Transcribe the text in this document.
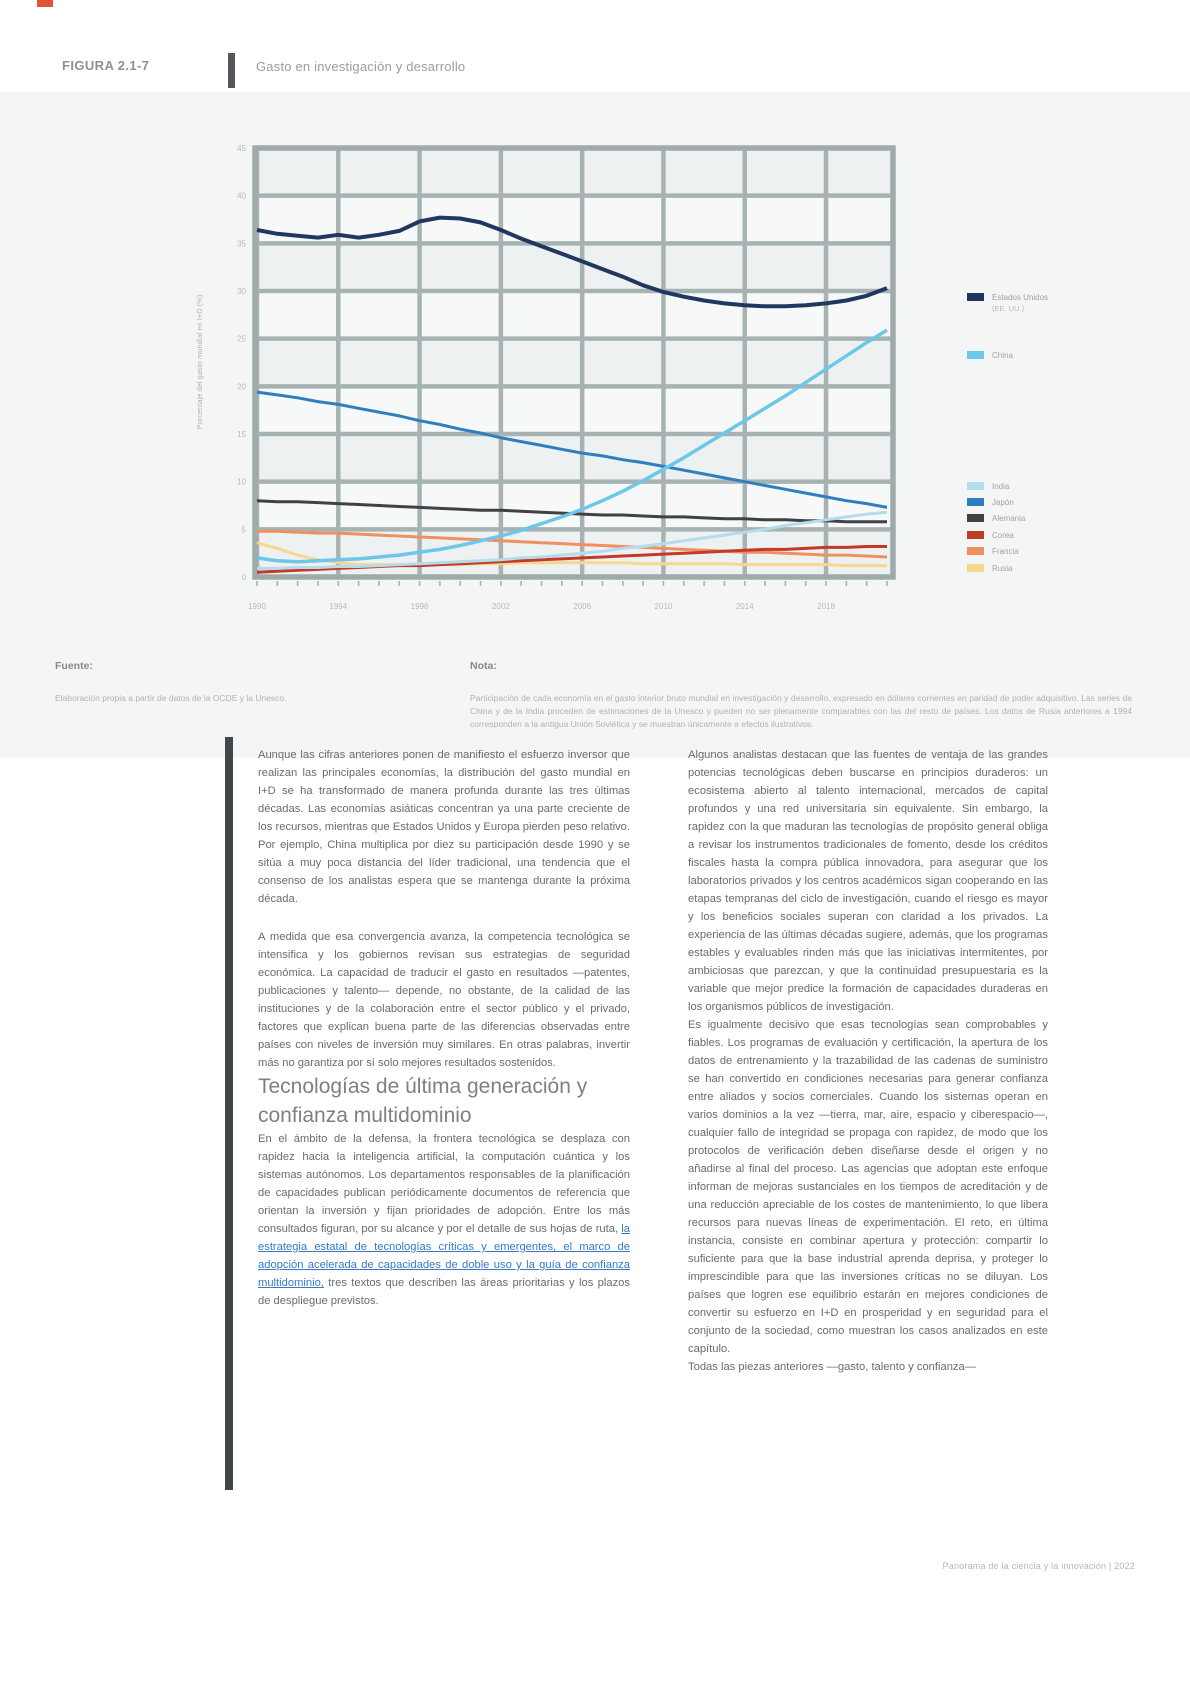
FIGURA 2.1-7	Gasto en investigación y desarrollo
0
5
10
15
20
25
30
35
40
45
1990	1994	1998	2002	2006	2010	2014	2018
Porcentaje del gasto mundial en I+D (%)	Estados Unidos
(EE. UU.)
China
India
Japón
Alemania
Corea
Francia
Rusia
Fuente:
Elaboración propia a partir de datos de la OCDE y la Unesco.
Nota:
Participación de cada economía en el gasto interior bruto mundial en investigación y desarrollo, expresado en dólares corrientes en paridad de poder adquisitivo. Las series de China y de la India proceden de estimaciones de la Unesco y pueden no ser plenamente comparables con las del resto de países. Los datos de Rusia anteriores a 1994 corresponden a la antigua Unión Soviética y se muestran únicamente a efectos ilustrativos.

Aunque las cifras anteriores ponen de manifiesto el esfuerzo inversor que realizan las principales economías, la distribución del gasto mundial en I+D se ha transformado de manera profunda durante las tres últimas décadas. Las economías asiáticas concentran ya una parte creciente de los recursos, mientras que Estados Unidos y Europa pierden peso relativo. Por ejemplo, China multiplica por diez su participación desde 1990 y se sitúa a muy poca distancia del líder tradicional, una tendencia que el consenso de los analistas espera que se mantenga durante la próxima década.

A medida que esa convergencia avanza, la competencia tecnológica se intensifica y los gobiernos revisan sus estrategias de seguridad económica. La capacidad de traducir el gasto en resultados —patentes, publicaciones y talento— depende, no obstante, de la calidad de las instituciones y de la colaboración entre el sector público y el privado, factores que explican buena parte de las diferencias observadas entre países con niveles de inversión muy similares. En otras palabras, invertir más no garantiza por sí solo mejores resultados sostenidos.

Tecnologías de última generación y confianza multidominio

En el ámbito de la defensa, la frontera tecnológica se desplaza con rapidez hacia la inteligencia artificial, la computación cuántica y los sistemas autónomos. Los departamentos responsables de la planificación de capacidades publican periódicamente documentos de referencia que orientan la inversión y fijan prioridades de adopción. Entre los más consultados figuran, por su alcance y por el detalle de sus hojas de ruta, la estrategia estatal de tecnologías críticas y emergentes, el marco de adopción acelerada de capacidades de doble uso y la guía de confianza multidominio, tres textos que describen las áreas prioritarias y los plazos de despliegue previstos.

Algunos analistas destacan que las fuentes de ventaja de las grandes potencias tecnológicas deben buscarse en principios duraderos: un ecosistema abierto al talento internacional, mercados de capital profundos y una red universitaria sin equivalente. Sin embargo, la rapidez con la que maduran las tecnologías de propósito general obliga a revisar los instrumentos tradicionales de fomento, desde los créditos fiscales hasta la compra pública innovadora, para asegurar que los laboratorios privados y los centros académicos sigan cooperando en las etapas tempranas del ciclo de investigación, cuando el riesgo es mayor y los beneficios sociales superan con claridad a los privados. La experiencia de las últimas décadas sugiere, además, que los programas estables y evaluables rinden más que las iniciativas intermitentes, por ambiciosas que parezcan, y que la continuidad presupuestaria es la variable que mejor predice la formación de capacidades duraderas en los organismos públicos de investigación.

Es igualmente decisivo que esas tecnologías sean comprobables y fiables. Los programas de evaluación y certificación, la apertura de los datos de entrenamiento y la trazabilidad de las cadenas de suministro se han convertido en condiciones necesarias para generar confianza entre aliados y socios comerciales. Cuando los sistemas operan en varios dominios a la vez —tierra, mar, aire, espacio y ciberespacio—, cualquier fallo de integridad se propaga con rapidez, de modo que los protocolos de verificación deben diseñarse desde el origen y no añadirse al final del proceso. Las agencias que adoptan este enfoque informan de mejoras sustanciales en los tiempos de acreditación y de una reducción apreciable de los costes de mantenimiento, lo que libera recursos para nuevas líneas de experimentación. El reto, en última instancia, consiste en combinar apertura y protección: compartir lo suficiente para que la base industrial aprenda deprisa, y proteger lo imprescindible para que las inversiones críticas no se diluyan. Los países que logren ese equilibrio estarán en mejores condiciones de convertir su esfuerzo en I+D en prosperidad y en seguridad para el conjunto de la sociedad, como muestran los casos analizados en este capítulo.

Todas las piezas anteriores —gasto, talento y confianza—

Panorama de la ciencia y la innovación | 2022
